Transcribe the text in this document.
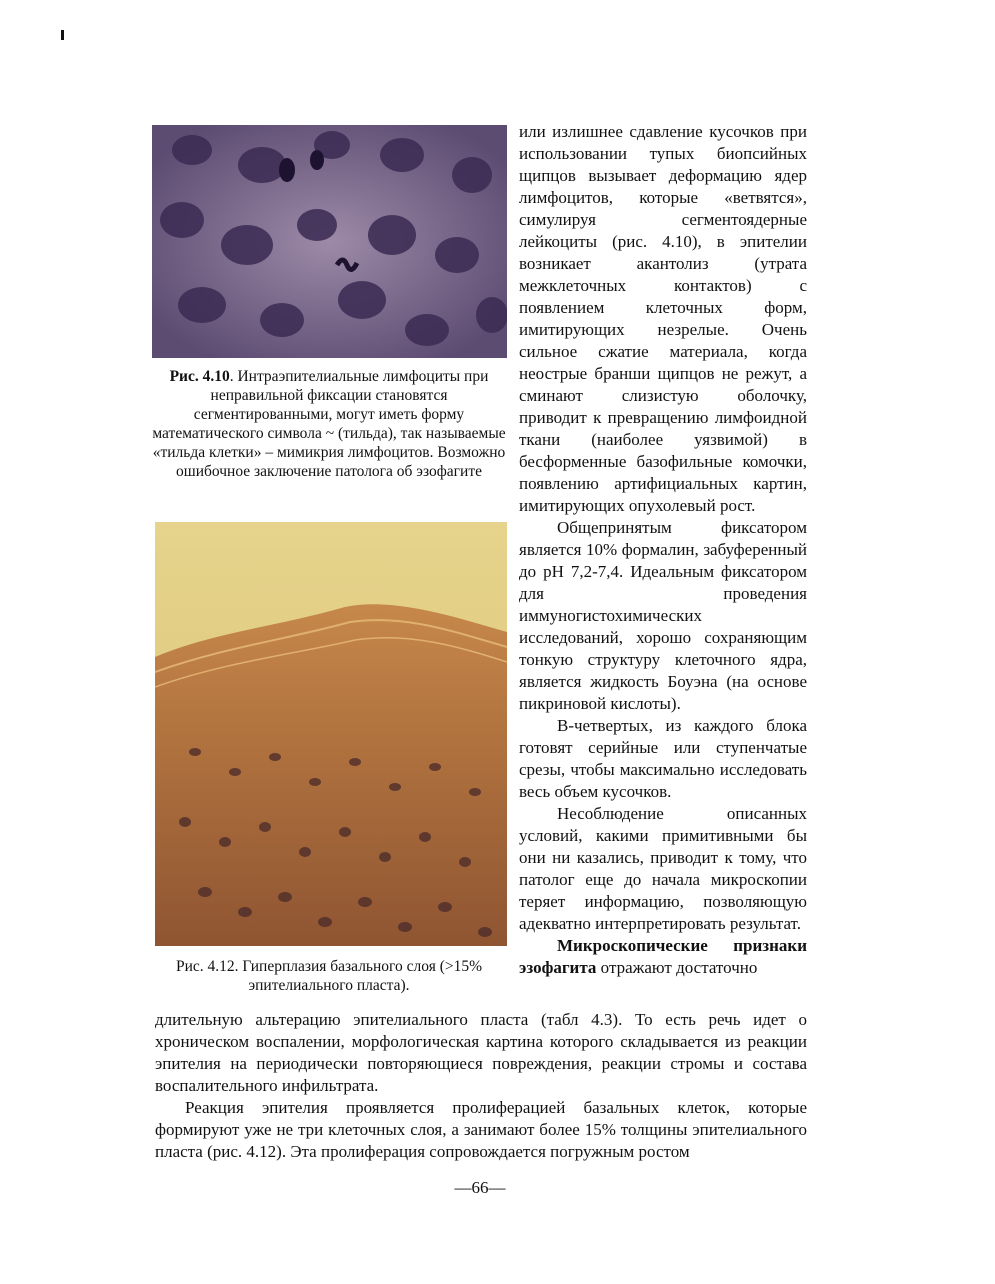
Рис. 4.10. Интраэпителиальные лимфоциты при неправильной фиксации становятся сегментированными, могут иметь форму математического символа ~ (тильда), так называемые «тильда клетки» – мимикрия лимфоцитов. Возможно ошибочное заключение патолога об эзофагите
Рис. 4.12. Гиперплазия базального слоя (>15% эпителиального пласта).

или излишнее сдавление кусочков при использовании тупых биопсийных щипцов вызывает деформацию ядер лимфоцитов, которые «ветвятся», симулируя сегментоядерные лейкоциты (рис. 4.10), в эпителии возникает акантолиз (утрата межклеточных контактов) с появлением клеточных форм, имитирующих незрелые. Очень сильное сжатие материала, когда неострые бранши щипцов не режут, а сминают слизистую оболочку, приводит к превращению лимфоидной ткани (наиболее уязвимой) в бесформенные базофильные комочки, появлению артифициальных картин, имитирующих опухолевый рост.

Общепринятым фиксатором является 10% формалин, забуференный до pH 7,2-7,4. Идеальным фиксатором для проведения иммуногистохимических исследований, хорошо сохраняющим тонкую структуру клеточного ядра, является жидкость Боуэна (на основе пикриновой кислоты).

В-четвертых, из каждого блока готовят серийные или ступенчатые срезы, чтобы максимально исследовать весь объем кусочков.

Несоблюдение описанных условий, какими примитивными бы они ни казались, приводит к тому, что патолог еще до начала микроскопии теряет информацию, позволяющую адекватно интерпретировать результат.

Микроскопические признаки эзофагита отражают достаточно

длительную альтерацию эпителиального пласта (табл 4.3). То есть речь идет о хроническом воспалении, морфологическая картина которого складывается из реакции эпителия на периодически повторяющиеся повреждения, реакции стромы и состава воспалительного инфильтрата.
Реакция эпителия проявляется пролиферацией базальных клеток, которые формируют уже не три клеточных слоя, а занимают более 15% толщины эпителиального пласта (рис. 4.12). Эта пролиферация сопровождается погружным ростом
—66—
